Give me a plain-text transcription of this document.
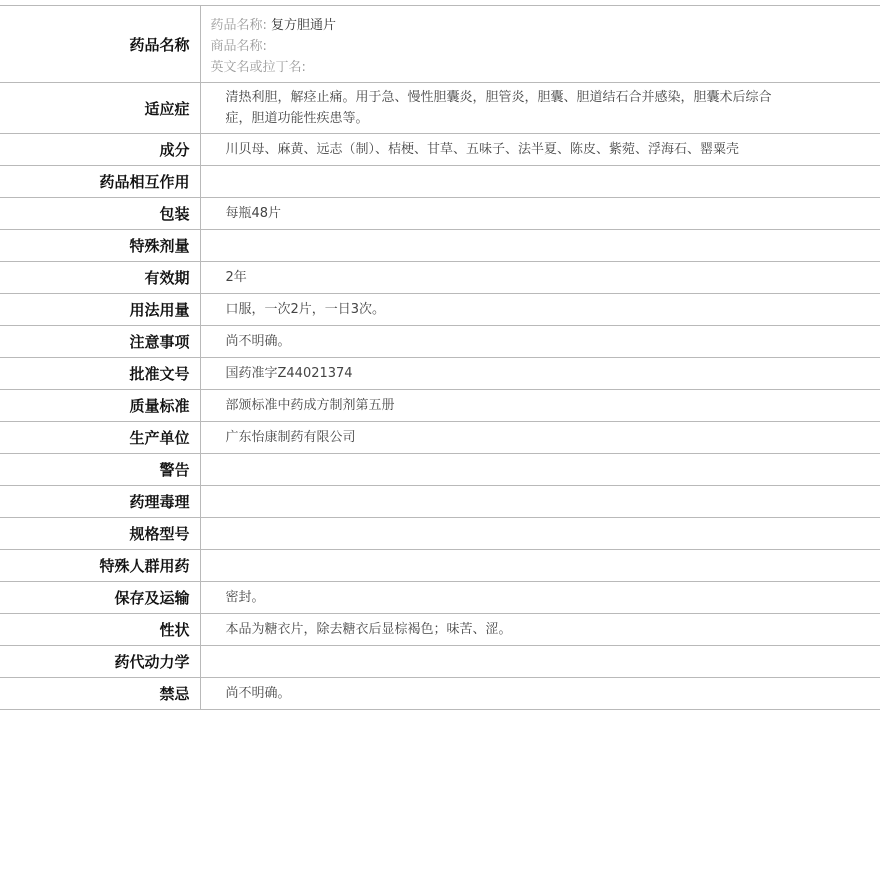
药品名称	药品名称: 复方胆通片
商品名称:
英文名或拉丁名:

适应症	清热利胆，解痉止痛。用于急、慢性胆囊炎，胆管炎，胆囊、胆道结石合并感染，胆囊术后综合症，胆道功能性疾患等。
成分	川贝母、麻黄、远志（制）、桔梗、甘草、五味子、法半夏、陈皮、紫菀、浮海石、罂粟壳
药品相互作用	
包装	每瓶48片
特殊剂量	
有效期	2年
用法用量	口服，一次2片，一日3次。
注意事项	尚不明确。
批准文号	国药准字Z44021374
质量标准	部颁标准中药成方制剂第五册
生产单位	广东怡康制药有限公司
警告	
药理毒理	
规格型号	
特殊人群用药	
保存及运输	密封。
性状	本品为糖衣片，除去糖衣后显棕褐色；味苦、涩。
药代动力学	
禁忌	尚不明确。
